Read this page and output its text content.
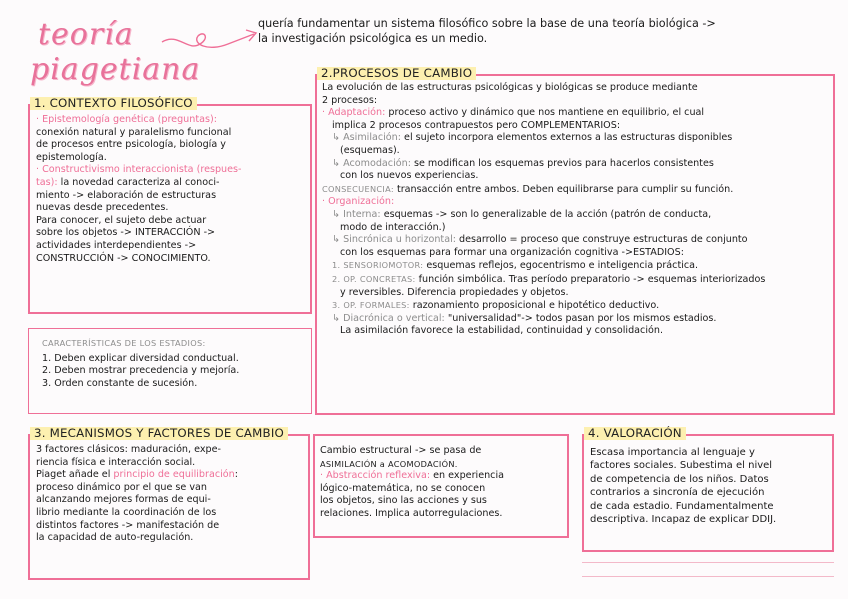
teoría
piagetiana
quería fundamentar un sistema filosófico sobre la base de una teoría biológica ->
la investigación psicológica es un medio.
1. CONTEXTO FILOSÓFICO

· Epistemología genética (preguntas):

conexión natural y paralelismo funcional

de procesos entre psicología, biología y

epistemología.

· Constructivismo interaccionista (respues-

tas): la novedad caracteriza al conoci-

miento -> elaboración de estructuras

nuevas desde precedentes.

Para conocer, el sujeto debe actuar

sobre los objetos -> INTERACCIÓN ->

actividades interdependientes ->

CONSTRUCCIÓN -> CONOCIMIENTO.

CARACTERÍSTICAS DE LOS ESTADIOS:

1. Deben explicar diversidad conductual.

2. Deben mostrar precedencia y mejoría.

3. Orden constante de sucesión.

2.PROCESOS DE CAMBIO

La evolución de las estructuras psicológicas y biológicas se produce mediante

2 procesos:

· Adaptación: proceso activo y dinámico que nos mantiene en equilibrio, el cual

implica 2 procesos contrapuestos pero COMPLEMENTARIOS:

↳ Asimilación: el sujeto incorpora elementos externos a las estructuras disponibles

(esquemas).

↳ Acomodación: se modifican los esquemas previos para hacerlos consistentes

con los nuevos experiencias.

CONSECUENCIA: transacción entre ambos. Deben equilibrarse para cumplir su función.

· Organización:

↳ Interna: esquemas -> son lo generalizable de la acción (patrón de conducta,

modo de interacción.)

↳ Sincrónica u horizontal: desarrollo = proceso que construye estructuras de conjunto

con los esquemas para formar una organización cognitiva ->ESTADIOS:

1. SENSORIOMOTOR: esquemas reflejos, egocentrismo e inteligencia práctica.

2. OP. CONCRETAS: función simbólica. Tras período preparatorio -> esquemas interiorizados

y reversibles. Diferencia propiedades y objetos.

3. OP. FORMALES: razonamiento proposicional e hipotético deductivo.

↳ Diacrónica o vertical: "universalidad"-> todos pasan por los mismos estadios.

La asimilación favorece la estabilidad, continuidad y consolidación.

3. MECANISMOS Y FACTORES DE CAMBIO

3 factores clásicos: maduración, expe-

riencia física e interacción social.

Piaget añade el principio de equilibración:

proceso dinámico por el que se van

alcanzando mejores formas de equi-

librio mediante la coordinación de los

distintos factores -> manifestación de

la capacidad de auto-regulación.

Cambio estructural -> se pasa de

ASIMILACIÓN a ACOMODACIÓN.

· Abstracción reflexiva: en experiencia

lógico-matemática, no se conocen

los objetos, sino las acciones y sus

relaciones. Implica autorregulaciones.

4. VALORACIÓN

Escasa importancia al lenguaje y

factores sociales. Subestima el nivel

de competencia de los niños. Datos

contrarios a sincronía de ejecución

de cada estadio. Fundamentalmente

descriptiva. Incapaz de explicar DDIJ.
